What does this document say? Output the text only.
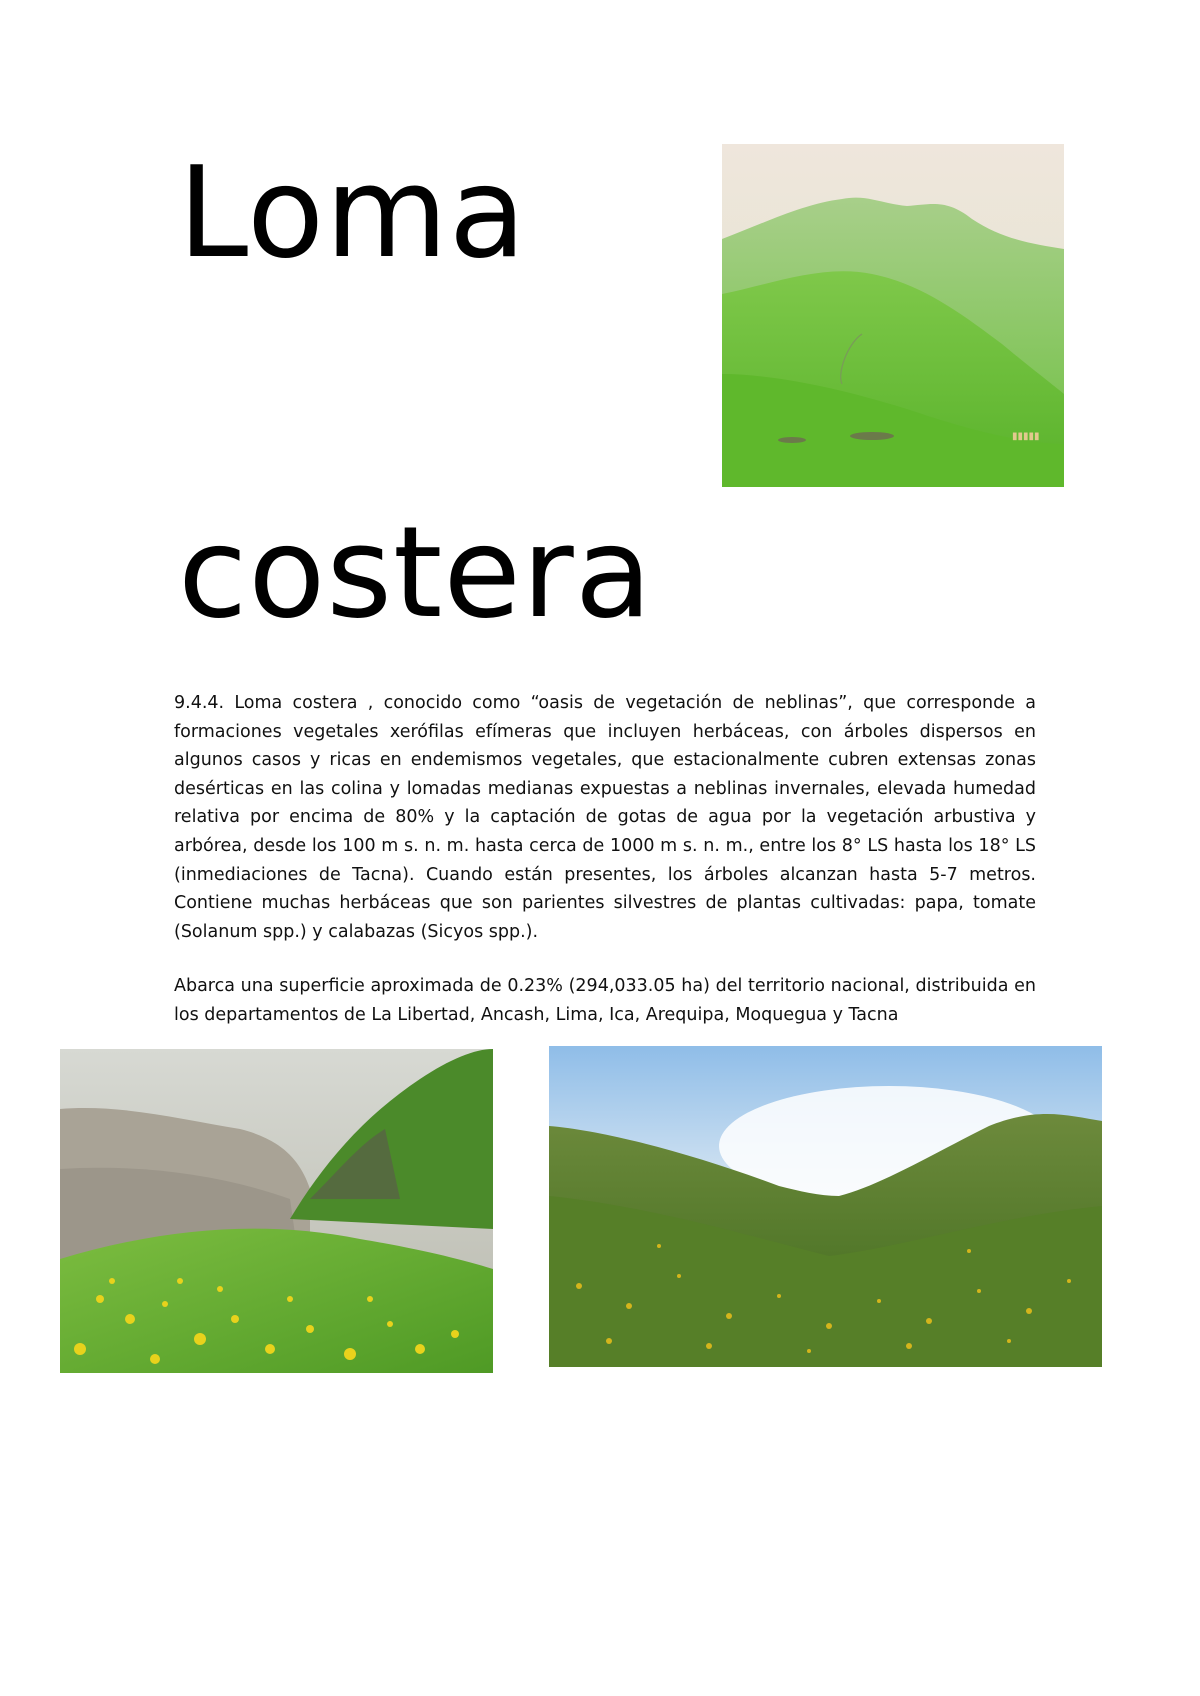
Loma
costera
▮▮▮▮▮

9.4.4. Loma costera , conocido como “oasis de vegetación de neblinas”, que corresponde a formaciones vegetales xerófilas efímeras que incluyen herbáceas, con árboles dispersos en algunos casos y ricas en endemismos vegetales, que estacionalmente cubren extensas zonas desérticas en las colina y lomadas medianas expuestas a neblinas invernales, elevada humedad relativa por encima de 80% y la captación de gotas de agua por la vegetación arbustiva y arbórea, desde los 100 m s. n. m. hasta cerca de 1000 m s. n. m., entre los 8° LS hasta los 18° LS (inmediaciones de Tacna). Cuando están presentes, los árboles alcanzan hasta 5-7 metros. Contiene muchas herbáceas que son parientes silvestres de plantas cultivadas: papa, tomate (Solanum spp.) y calabazas (Sicyos spp.).

Abarca una superficie aproximada de 0.23% (294,033.05 ha) del territorio nacional, distribuida en los departamentos de La Libertad, Ancash, Lima, Ica, Arequipa, Moquegua y Tacna
